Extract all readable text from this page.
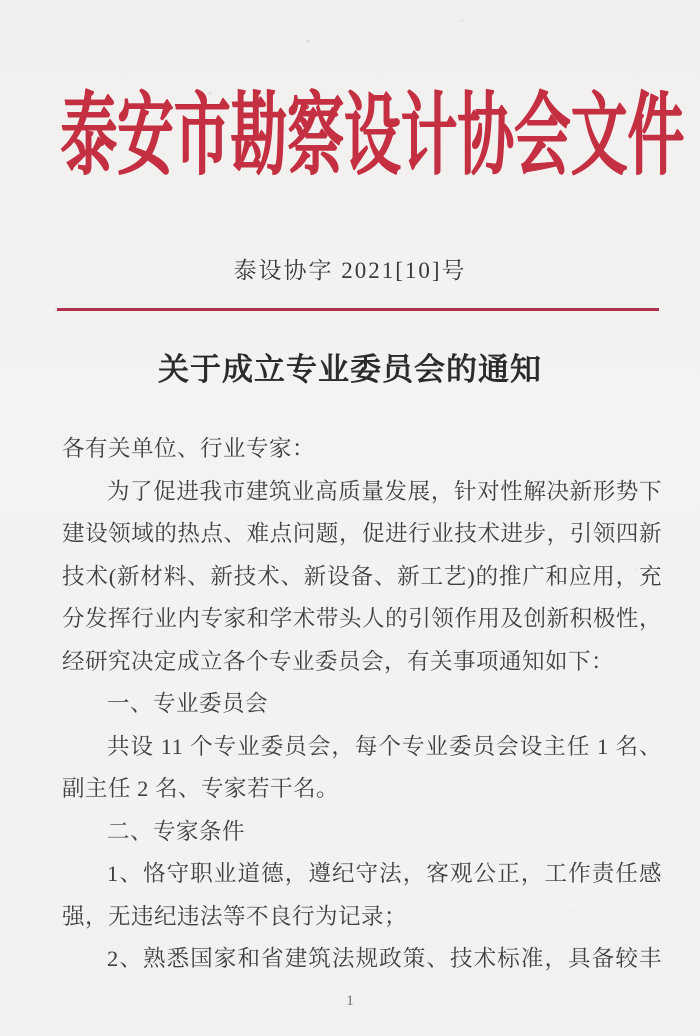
泰安市勘察设计协会文件
泰设协字 2021[10]号
关于成立专业委员会的通知
各有关单位、行业专家：
为了促进我市建筑业高质量发展，针对性解决新形势下
建设领域的热点、难点问题，促进行业技术进步，引领四新
技术(新材料、新技术、新设备、新工艺)的推广和应用，充
分发挥行业内专家和学术带头人的引领作用及创新积极性，
经研究决定成立各个专业委员会，有关事项通知如下：
一、专业委员会
共设 11 个专业委员会，每个专业委员会设主任 1 名、
副主任 2 名、专家若干名。
二、专家条件
1、恪守职业道德，遵纪守法，客观公正，工作责任感
强，无违纪违法等不良行为记录；
2、熟悉国家和省建筑法规政策、技术标准，具备较丰
1
